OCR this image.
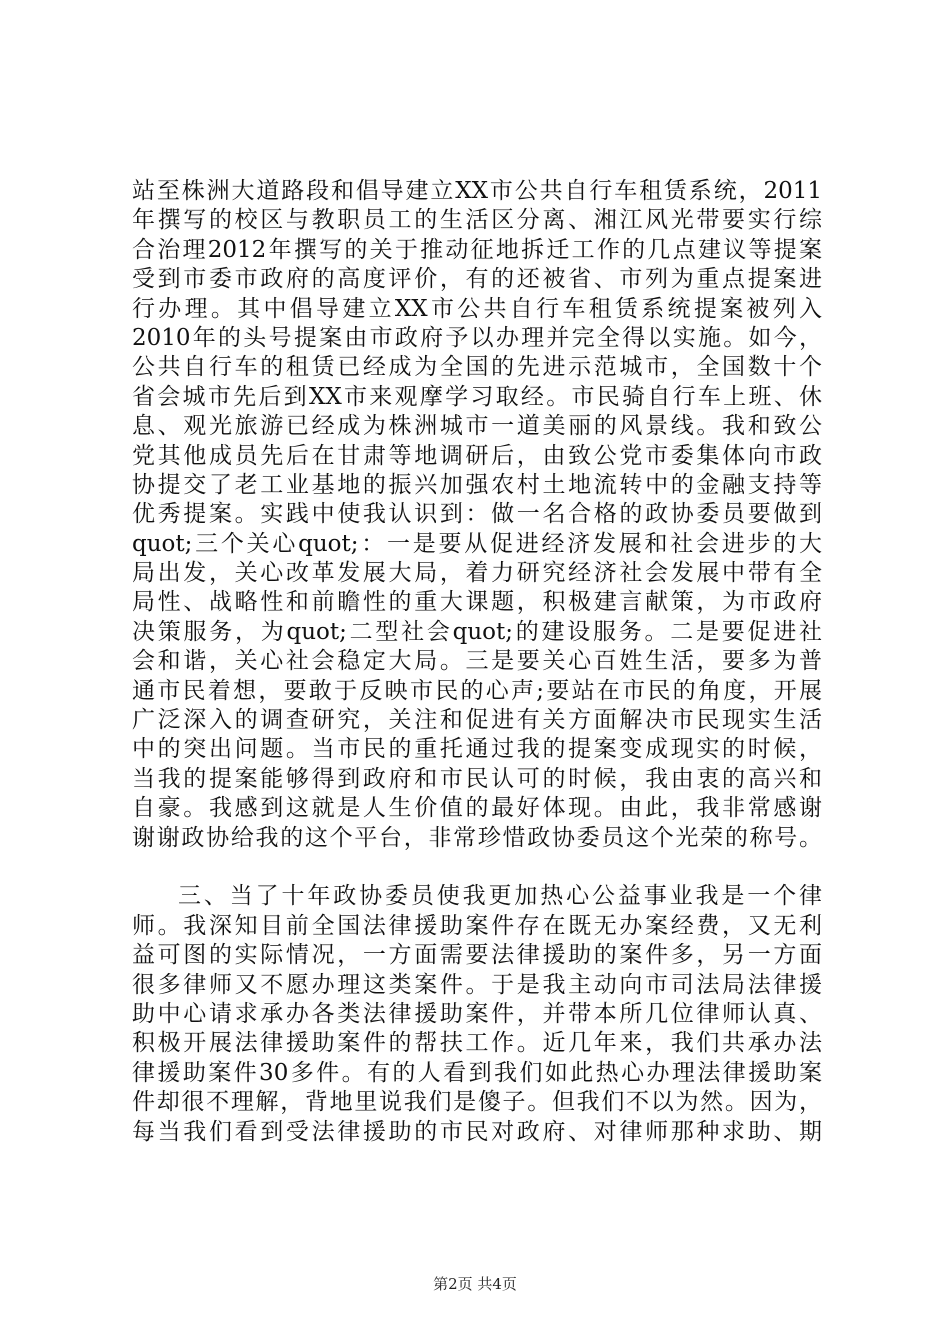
站至株洲大道路段和倡导建立XX市公共自行车租赁系统，2011
年撰写的校区与教职员工的生活区分离、湘江风光带要实行综
合治理2012年撰写的关于推动征地拆迁工作的几点建议等提案
受到市委市政府的高度评价，有的还被省、市列为重点提案进
行办理。其中倡导建立XX市公共自行车租赁系统提案被列入
2010年的头号提案由市政府予以办理并完全得以实施。如今，
公共自行车的租赁已经成为全国的先进示范城市，全国数十个
省会城市先后到XX市来观摩学习取经。市民骑自行车上班、休
息、观光旅游已经成为株洲城市一道美丽的风景线。我和致公
党其他成员先后在甘肃等地调研后，由致公党市委集体向市政
协提交了老工业基地的振兴加强农村土地流转中的金融支持等
优秀提案。实践中使我认识到：做一名合格的政协委员要做到
quot;三个关心quot;：一是要从促进经济发展和社会进步的大
局出发，关心改革发展大局，着力研究经济社会发展中带有全
局性、战略性和前瞻性的重大课题，积极建言献策，为市政府
决策服务，为quot;二型社会quot;的建设服务。二是要促进社
会和谐，关心社会稳定大局。三是要关心百姓生活，要多为普
通市民着想，要敢于反映市民的心声;要站在市民的角度，开展
广泛深入的调查研究，关注和促进有关方面解决市民现实生活
中的突出问题。当市民的重托通过我的提案变成现实的时候，
当我的提案能够得到政府和市民认可的时候，我由衷的高兴和
自豪。我感到这就是人生价值的最好体现。由此，我非常感谢
谢谢政协给我的这个平台，非常珍惜政协委员这个光荣的称号。
三、当了十年政协委员使我更加热心公益事业我是一个律
师。我深知目前全国法律援助案件存在既无办案经费，又无利
益可图的实际情况，一方面需要法律援助的案件多，另一方面
很多律师又不愿办理这类案件。于是我主动向市司法局法律援
助中心请求承办各类法律援助案件，并带本所几位律师认真、
积极开展法律援助案件的帮扶工作。近几年来，我们共承办法
律援助案件30多件。有的人看到我们如此热心办理法律援助案
件却很不理解，背地里说我们是傻子。但我们不以为然。因为，
每当我们看到受法律援助的市民对政府、对律师那种求助、期
第2页 共4页
